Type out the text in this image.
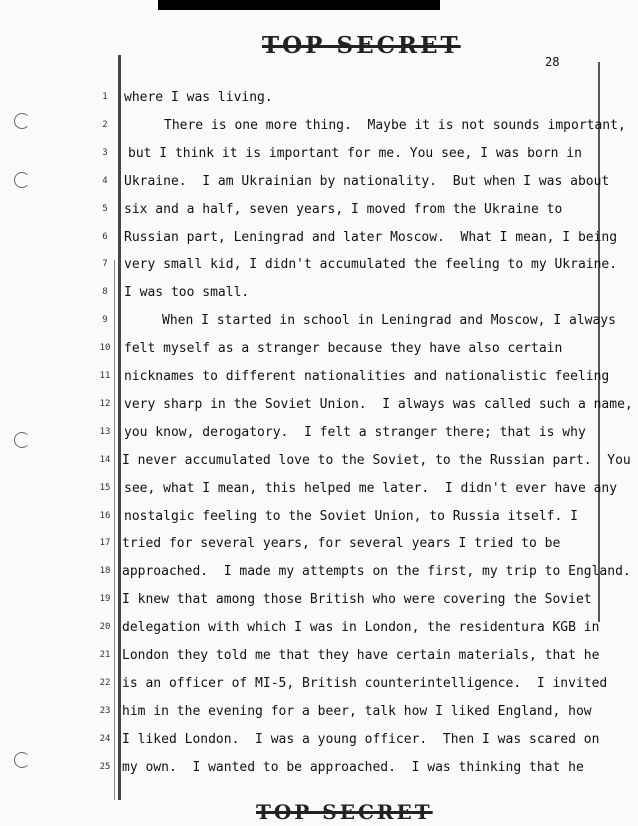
TOP SECRET
28
1	where I was living.
2	There is one more thing.  Maybe it is not sounds important,
3	but I think it is important for me. You see, I was born in
4	Ukraine.  I am Ukrainian by nationality.  But when I was about
5	six and a half, seven years, I moved from the Ukraine to
6	Russian part, Leningrad and later Moscow.  What I mean, I being
7	very small kid, I didn't accumulated the feeling to my Ukraine.
8	I was too small.
9	When I started in school in Leningrad and Moscow, I always
10 felt myself as a stranger because they have also certain
11 nicknames to different nationalities and nationalistic feeling
12 very sharp in the Soviet Union.  I always was called such a name,
13 you know, derogatory.  I felt a stranger there; that is why
14 I never accumulated love to the Soviet, to the Russian part.  You
15 see, what I mean, this helped me later.  I didn't ever have any
16 nostalgic feeling to the Soviet Union, to Russia itself. I
17 tried for several years, for several years I tried to be
18 approached.  I made my attempts on the first, my trip to England.
19 I knew that among those British who were covering the Soviet
20 delegation with which I was in London, the residentura KGB in
21 London they told me that they have certain materials, that he
22 is an officer of MI-5, British counterintelligence.  I invited
23 him in the evening for a beer, talk how I liked England, how
24 I liked London.  I was a young officer.  Then I was scared on
25 my own.  I wanted to be approached.  I was thinking that he
TOP SECRET
